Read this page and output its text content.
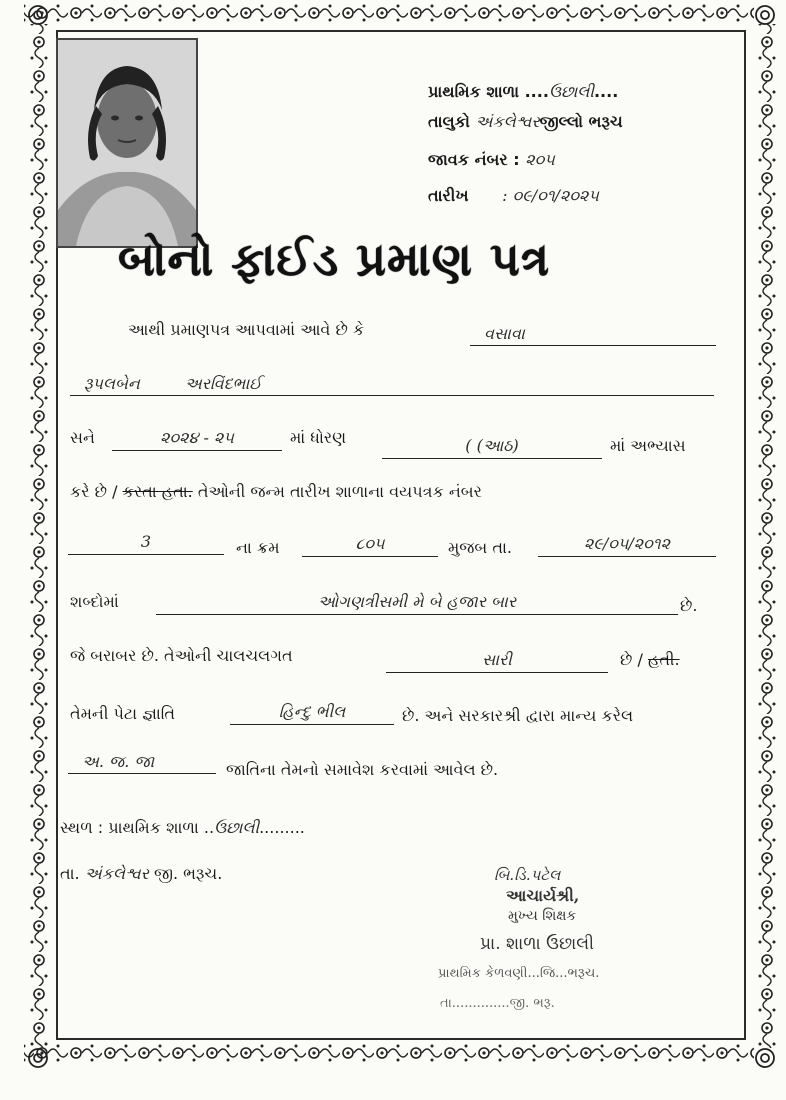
પ્રાથમિક શાળા ....ઉછાલી....
તાલુકો અંકલેશ્વરજીલ્લો ભરૂચ
જાવક નંબર : ૨૦૫
તારીખ : ૦૯/૦૧/૨૦૨૫
બોનો ફાઈડ પ્રમાણ પત્ર
આથી પ્રમાણપત્ર આપવામાં આવે છે કે	વસાવા
રૂપલબેન	અરવિંદભાઈ
સને	૨૦૨૪ - ૨૫	માં ધોરણ	( (આઠ)	માં અભ્યાસ
કરે છે / કરતા હતા. તેઓની જન્મ તારીખ શાળાના વયપત્રક નંબર
3	ના ક્રમ	૮૦૫	મુજબ તા.	૨૯/૦૫/૨૦૧૨
શબ્દોમાં	ઓગણત્રીસમી મે બે હજાર બાર	છે.
જે બરાબર છે. તેઓની ચાલચલગત	સારી	છે / હતી.
તેમની પેટા જ્ઞાતિ	હિન્દુ ભીલ	છે. અને સરકારશ્રી દ્વારા માન્ય કરેલ
અ. જ. જા	જાતિના તેમનો સમાવેશ કરવામાં આવેલ છે.
સ્થળ : પ્રાથમિક શાળા ..ઉછાલી.........
તા. અંકલેશ્વર જી. ભરૂચ.	બિ.ડિ.પટેલ
આચાર્યશ્રી,
મુખ્ય શિક્ષક
પ્રા. શાળા ઉછાલી
પ્રાથમિક કેળવણી...જિ...ભરૂચ.
તા..............જી. ભરૂ.
